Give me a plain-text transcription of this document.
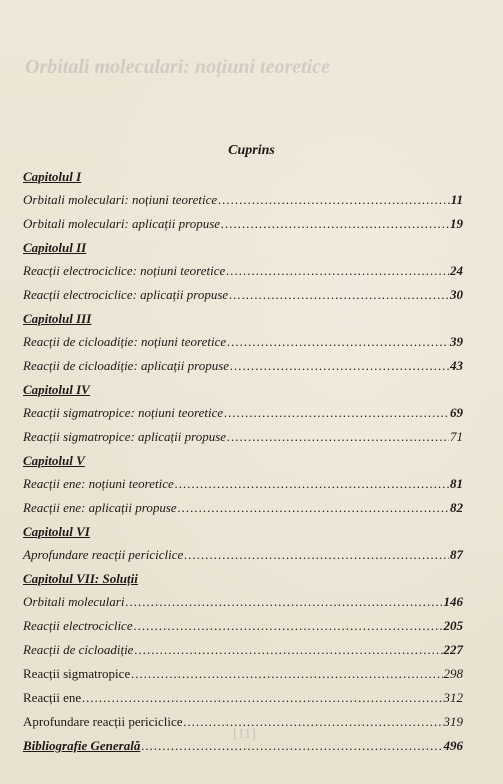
Orbitali moleculari: noțiuni teoretice
[11]
Cuprins
Capitolul I
Orbitali moleculari: noțiuni teoretice .....	11
Orbitali moleculari: aplicații propuse .....	19
Capitolul II
Reacții electrociclice: noțiuni teoretice .....	24
Reacții electrociclice: aplicații propuse .....	30
Capitolul III
Reacții de cicloadiție: noțiuni teoretice .....	39
Reacții de cicloadiție: aplicații propuse .....	43
Capitolul IV
Reacții sigmatropice: noțiuni teoretice .....	69
Reacții sigmatropice: aplicații propuse .....	71
Capitolul V
Reacții ene: noțiuni teoretice .....	81
Reacții ene: aplicații propuse .....	82
Capitolul VI
Aprofundare reacții periciclice .....	87
Capitolul VII: Soluții
Orbitali moleculari .....	146
Reacții electrociclice .....	205
Reacții de cicloadiție .....	227
Reacții sigmatropice .....	298
Reacții ene .....	312
Aprofundare reacții periciclice .....	319
Bibliografie Generală .....	496
